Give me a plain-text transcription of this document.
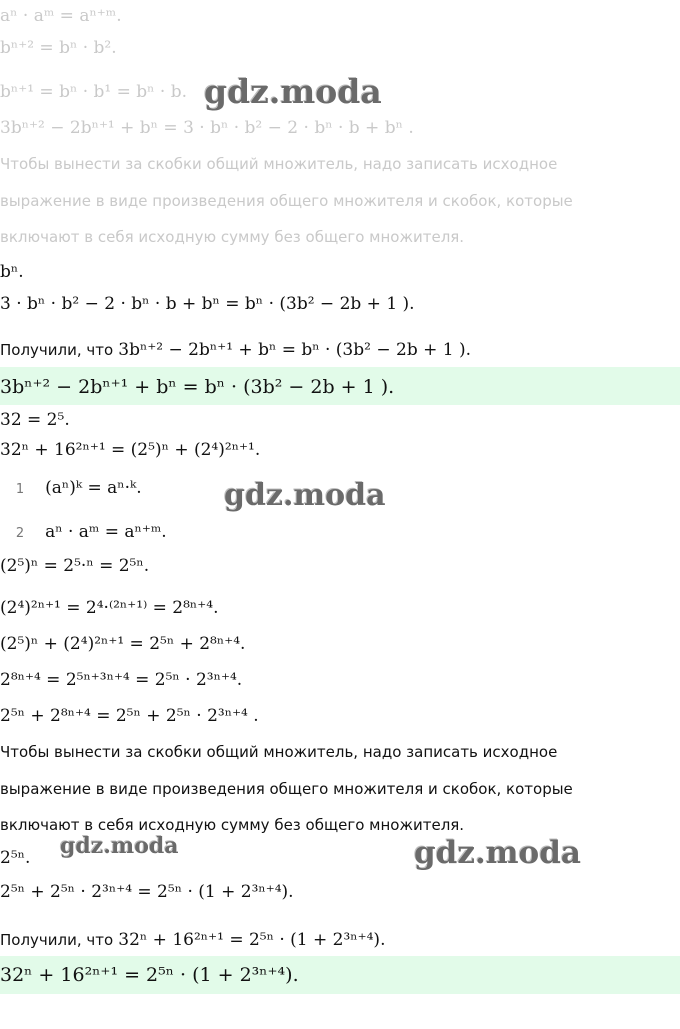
aⁿ · aᵐ = aⁿ⁺ᵐ.
bⁿ⁺² = bⁿ · b².
bⁿ⁺¹ = bⁿ · b¹ = bⁿ · b.
3bⁿ⁺² − 2bⁿ⁺¹ + bⁿ = 3 · bⁿ · b² − 2 · bⁿ · b + bⁿ .
Чтобы вынести за скобки общий множитель, надо записать исходное
выражение в виде произведения общего множителя и скобок, которые
включают в себя исходную сумму без общего множителя.
bⁿ.
3 · bⁿ · b² − 2 · bⁿ · b + bⁿ = bⁿ · (3b² − 2b + 1 ).
Получили, что 3bⁿ⁺² − 2bⁿ⁺¹ + bⁿ = bⁿ · (3b² − 2b + 1 ).
3bⁿ⁺² − 2bⁿ⁺¹ + bⁿ = bⁿ · (3b² − 2b + 1 ).
32 = 2⁵.
32ⁿ + 16²ⁿ⁺¹ = (2⁵)ⁿ + (2⁴)²ⁿ⁺¹.
1 (aⁿ)ᵏ = aⁿ·ᵏ.
2 aⁿ · aᵐ = aⁿ⁺ᵐ.
(2⁵)ⁿ = 2⁵·ⁿ = 2⁵ⁿ.
(2⁴)²ⁿ⁺¹ = 2⁴·⁽²ⁿ⁺¹⁾ = 2⁸ⁿ⁺⁴.
(2⁵)ⁿ + (2⁴)²ⁿ⁺¹ = 2⁵ⁿ + 2⁸ⁿ⁺⁴.
2⁸ⁿ⁺⁴ = 2⁵ⁿ⁺³ⁿ⁺⁴ = 2⁵ⁿ · 2³ⁿ⁺⁴.
2⁵ⁿ + 2⁸ⁿ⁺⁴ = 2⁵ⁿ + 2⁵ⁿ · 2³ⁿ⁺⁴ .
Чтобы вынести за скобки общий множитель, надо записать исходное
выражение в виде произведения общего множителя и скобок, которые
включают в себя исходную сумму без общего множителя.
2⁵ⁿ.
2⁵ⁿ + 2⁵ⁿ · 2³ⁿ⁺⁴ = 2⁵ⁿ · (1 + 2³ⁿ⁺⁴).
Получили, что 32ⁿ + 16²ⁿ⁺¹ = 2⁵ⁿ · (1 + 2³ⁿ⁺⁴).
32ⁿ + 16²ⁿ⁺¹ = 2⁵ⁿ · (1 + 2³ⁿ⁺⁴).
gdz.moda
gdz.moda
gdz.moda	gdz.moda
